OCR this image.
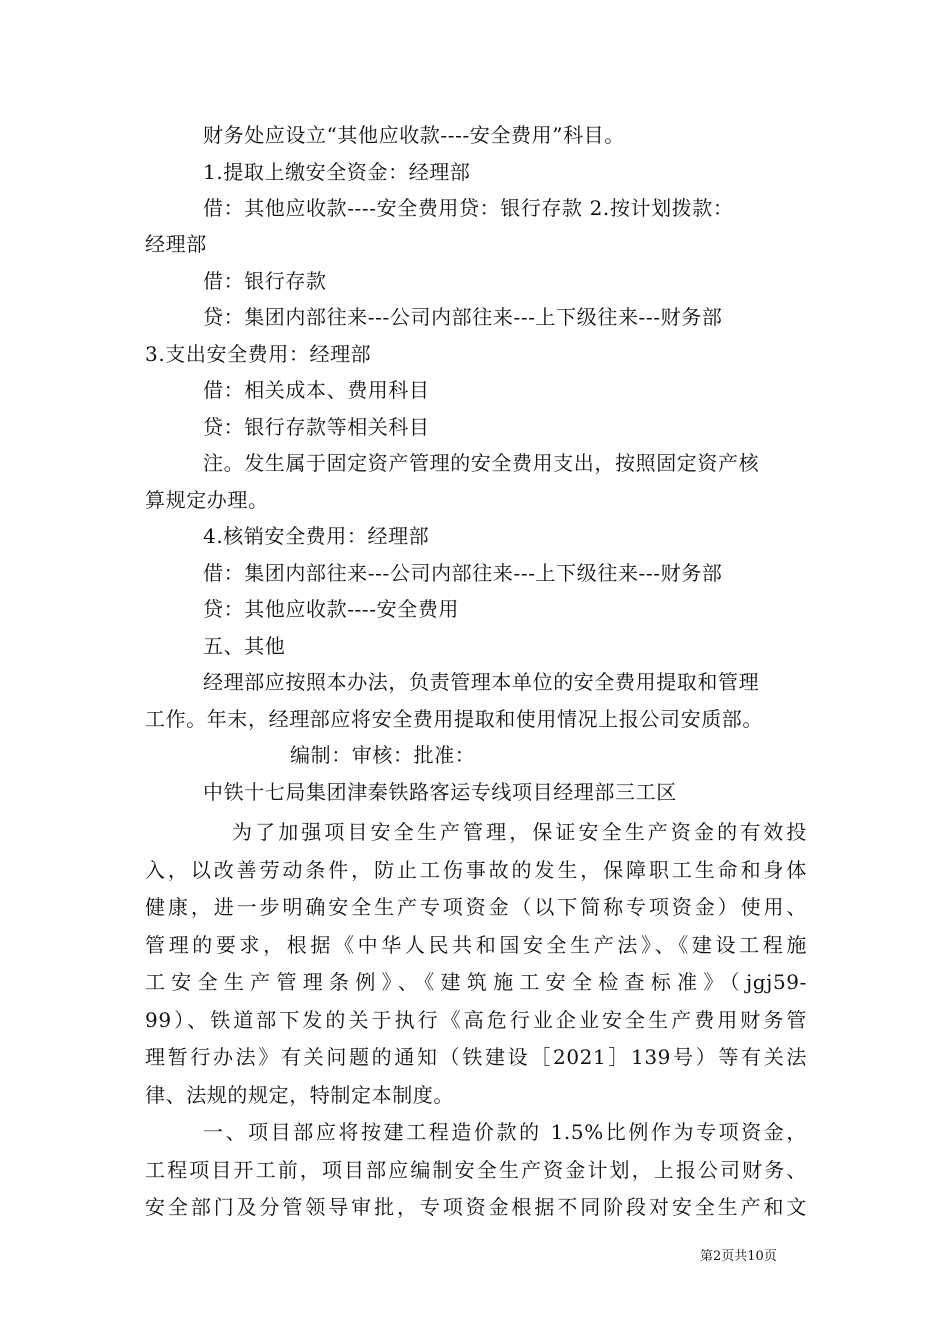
财务处应设立“其他应收款----安全费用”科目。
1.提取上缴安全资金：经理部
借：其他应收款----安全费用贷：银行存款 2.按计划拨款：
经理部
借：银行存款
贷：集团内部往来---公司内部往来---上下级往来---财务部
3.支出安全费用：经理部
借：相关成本、费用科目
贷：银行存款等相关科目
注。发生属于固定资产管理的安全费用支出，按照固定资产核
算规定办理。
4.核销安全费用：经理部
借：集团内部往来---公司内部往来---上下级往来---财务部
贷：其他应收款----安全费用
五、其他
经理部应按照本办法，负责管理本单位的安全费用提取和管理
工作。年末，经理部应将安全费用提取和使用情况上报公司安质部。
编制：审核：批准：
中铁十七局集团津秦铁路客运专线项目经理部三工区
为了加强项目安全生产管理，保证安全生产资金的有效投
入，以改善劳动条件，防止工伤事故的发生，保障职工生命和身体
健康，进一步明确安全生产专项资金（以下简称专项资金）使用、
管理的要求，根据《中华人民共和国安全生产法》、《建设工程施
工安全生产管理条例》、《建筑施工安全检查标准》（jgj59-
99）、铁道部下发的关于执行《高危行业企业安全生产费用财务管
理暂行办法》有关问题的通知（铁建设［2021］139号）等有关法
律、法规的规定，特制定本制度。
一、项目部应将按建工程造价款的 1.5%比例作为专项资金，
工程项目开工前，项目部应编制安全生产资金计划，上报公司财务、
安全部门及分管领导审批，专项资金根据不同阶段对安全生产和文
第2页共10页
